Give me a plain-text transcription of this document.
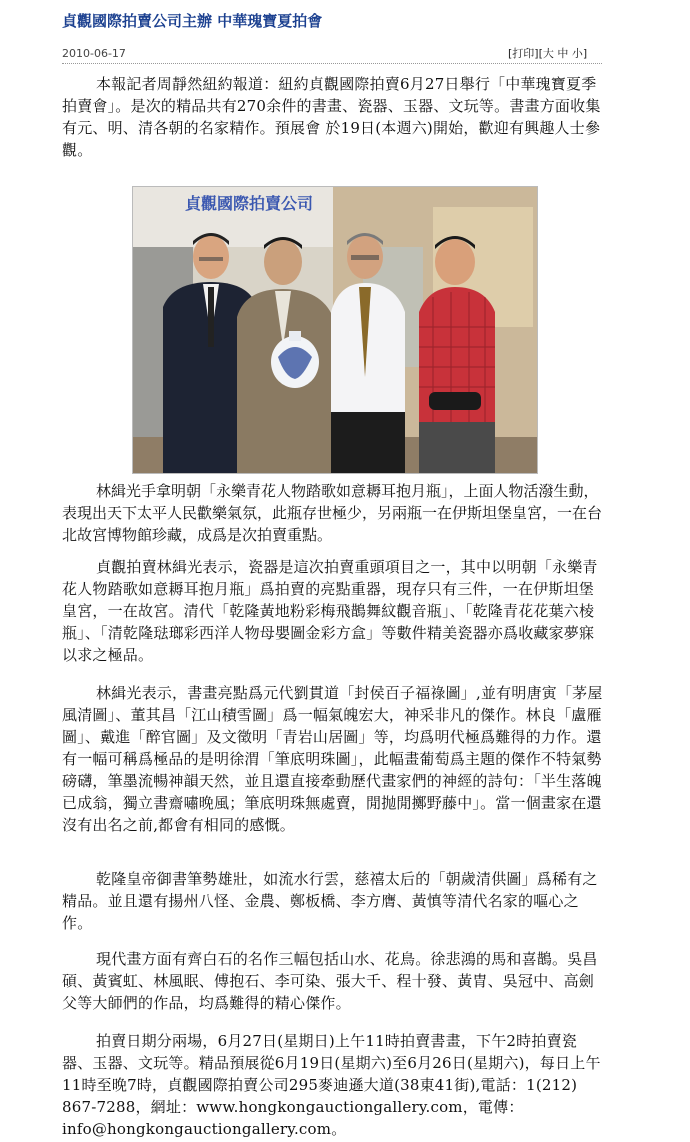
貞觀國際拍賣公司主辦 中華瑰寶夏拍會
2010-06-17	[打印][大 中 小]

本報記者周靜然紐約報道：紐約貞觀國際拍賣6月27日舉行「中華瑰寶夏季拍賣會」。是次的精品共有270余件的書畫、瓷器、玉器、文玩等。書畫方面收集有元、明、清各朝的名家精作。預展會 於19日(本週六)開始，歡迎有興趣人士參觀。

貞觀國際拍賣公司

林緝光手拿明朝「永樂青花人物踏歌如意耨耳抱月瓶」，上面人物活潑生動，表現出天下太平人民歡樂氣氛，此瓶存世極少，另兩瓶一在伊斯坦堡皇宮，一在台北故宮博物館珍藏，成爲是次拍賣重點。

貞觀拍賣林緝光表示，瓷器是這次拍賣重頭項目之一，其中以明朝「永樂青花人物踏歌如意耨耳抱月瓶」爲拍賣的亮點重器，現存只有三件，一在伊斯坦堡皇宮，一在故宮。清代「乾隆黃地粉彩梅飛鵲舞紋觀音瓶」、「乾隆青花花葉六棱瓶」、「清乾隆琺瑯彩西洋人物母嬰圖金彩方盒」等數件精美瓷器亦爲收藏家夢寐以求之極品。

林緝光表示，書畫亮點爲元代劉貫道「封侯百子福祿圖」,並有明唐寅「茅屋風清圖」、董其昌「江山積雪圖」爲一幅氣魄宏大，神采非凡的傑作。林良「盧雁圖」、戴進「醉官圖」及文徵明「青岩山居圖」等，均爲明代極爲難得的力作。還有一幅可稱爲極品的是明徐渭「筆底明珠圖」，此幅畫葡萄爲主題的傑作不特氣勢磅礴，筆墨流暢神韻天然，並且還直接牽動歷代畫家們的神經的詩句：「半生落魄已成翁，獨立書齋嘯晚風；筆底明珠無處賣，閒抛閒擲野藤中」。當一個畫家在還沒有出名之前,都會有相同的感慨。

乾隆皇帝御書筆勢雄壯，如流水行雲，慈禧太后的「朝歲清供圖」爲稀有之精品。並且還有揚州八怪、金農、鄭板橋、李方膺、黃慎等清代名家的嘔心之作。

現代畫方面有齊白石的名作三幅包括山水、花鳥。徐悲鴻的馬和喜鵲。吳昌碩、黃賓虹、林風眠、傅抱石、李可染、張大千、程十發、黃胄、吳冠中、高劍父等大師們的作品，均爲難得的精心傑作。

拍賣日期分兩場，6月27日(星期日)上午11時拍賣書畫，下午2時拍賣瓷器、玉器、文玩等。精品預展從6月19日(星期六)至6月26日(星期六)，每日上午11時至晚7時，貞觀國際拍賣公司295麥迪遜大道(38東41街),電話：1(212) 867-7288，網址：www.hongkongauctiongallery.com，電傳：info@hongkongauctiongallery.com。
